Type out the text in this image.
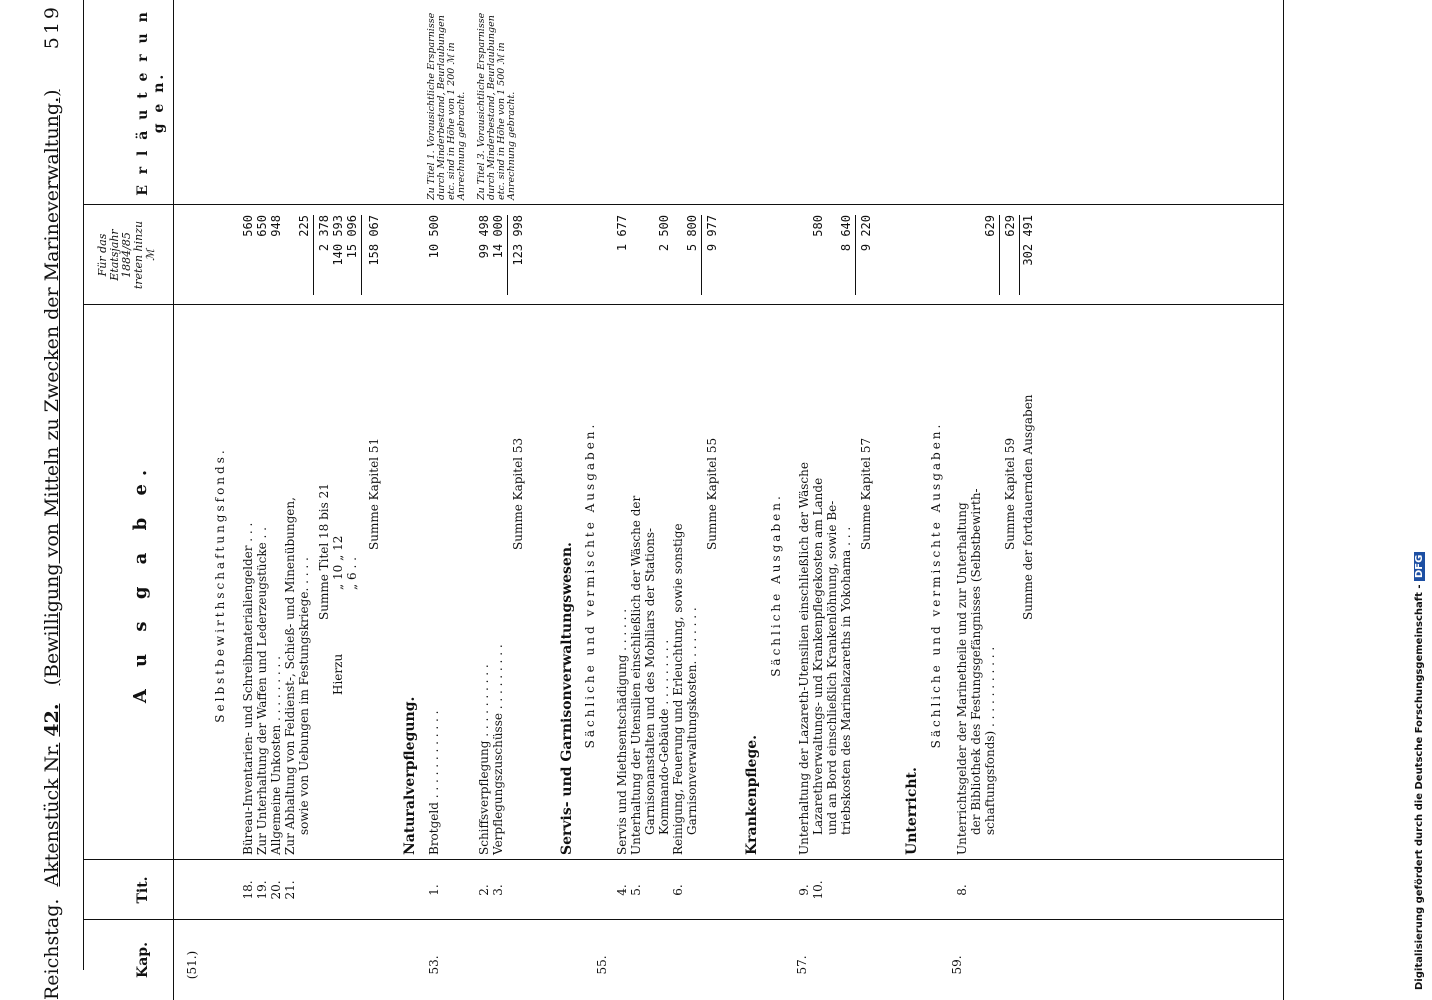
Reichstag.  Aktenstück Nr. 42.   (Bewilligung von Mitteln zu Zwecken der Marineverwaltung.)
519
Kap.
Tit.
A u s g a b e.
Für das Etatsjahr 1884/85 treten hinzu ℳ
E r l ä u t e r u n g e n.
(51.)
Selbstbewirthschaftungsfonds.
18.
Büreau-Inventarien- und Schreibmaterialiengelder . . .
560
19.
Zur Unterhaltung der Waffen und Lederzeugstücke . .
650
20.
Allgemeine Unkosten . . . . . . . . .
948
21.
Zur Abhaltung von Feldienst-, Schieß- und Minenübungen, sowie von Uebungen im Festungskriege. . . . .
225
Summe Titel 18 bis 21
2 378
Hierzu
„ 10 „ 12
140 593
„ 6 . .
15 096
Summe Kapitel 51
158 067
53.
Naturalverpflegung.
1.
Brotgeld . . . . . . . . . . . .
10 500
2.
Schiffsverpflegung . . . . . . . . . .
99 498
3.
Verpflegungszuschüsse . . . . . . . . .
14 000
Summe Kapitel 53
123 998
Zu Titel 1. Vorausichtliche Ersparnisse durch Minderbestand, Beurlaubungen etc. sind in Höhe von 1 200 ℳ in Anrechnung gebracht. Zu Titel 3. Vorausichtliche Ersparnisse durch Minderbestand, Beurlaubungen etc. sind in Höhe von 1 500 ℳ in Anrechnung gebracht.
55.
Servis- und Garnisonverwaltungswesen. Sächliche und vermischte Ausgaben.
4.
Servis und Miethsentschädigung . . . . . .
1 677
5.
Unterhaltung der Utensilien einschließlich der Wäsche der Garnisonanstalten und des Mobiliars der Stations- Kommando-Gebäude . . . . . . . . .
2 500
6.
Reinigung, Feuerung und Erleuchtung, sowie sonstige Garnisonverwaltungskosten. . . . . . . .
5 800
Summe Kapitel 55
9 977
57.
Krankenpflege.
Sächliche Ausgaben.
9.
Unterhaltung der Lazareth-Utensilien einschließlich der Wäsche
10.
Lazarethverwaltungs- und Krankenpflegekosten am Lande
580
und an Bord einschließlich Krankenlöhnung, sowie Be- triebskosten des Marinelazareths in Yokohama . . .
8 640
Summe Kapitel 57
9 220
59.
Unterricht.
Sächliche und vermischte Ausgaben.
8.
Unterrichtsgelder der Marinetheile und zur Unterhaltung der Bibliothek des Festungsgefängnisses (Selbstbewirth- schaftungsfonds) . . . . . . . . . . .
629
Summe Kapitel 59
629
Summe der fortdauernden Ausgaben
302 491
Digitalisierung gefördert durch die Deutsche Forschungsgemeinschaft - DFG
